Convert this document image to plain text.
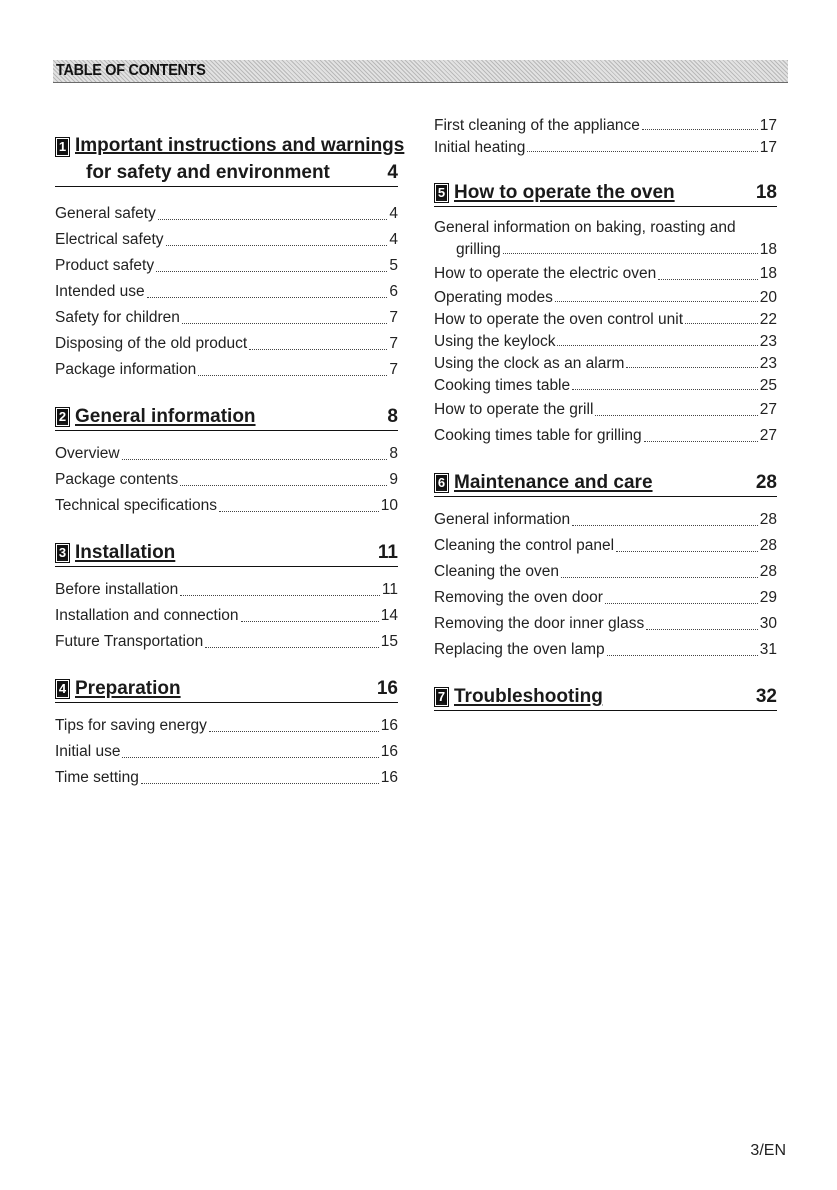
TABLE OF CONTENTS
1 Important instructions and warnings
for safety and environment	4
General safety	4
Electrical safety	4
Product safety	5
Intended use	6
Safety for children	7
Disposing of the old product	7
Package information	7
2 General information	8
Overview	8
Package contents	9
Technical specifications	10
3 Installation	11
Before installation	11
Installation and connection	14
Future Transportation	15
4 Preparation	16
Tips for saving energy	16
Initial use	16
Time setting	16
First cleaning of the appliance	17
Initial heating	17
5 How to operate the oven	18
General information on baking, roasting and
grilling	18
How to operate the electric oven	18
Operating modes	20
How to operate the oven control unit	22
Using the keylock	23
Using the clock as an alarm	23
Cooking times table	25
How to operate the grill	27
Cooking times table for grilling	27
6 Maintenance and care	28
General information	28
Cleaning the control panel	28
Cleaning the oven	28
Removing the oven door	29
Removing the door inner glass	30
Replacing the oven lamp	31
7 Troubleshooting	32
3/EN
